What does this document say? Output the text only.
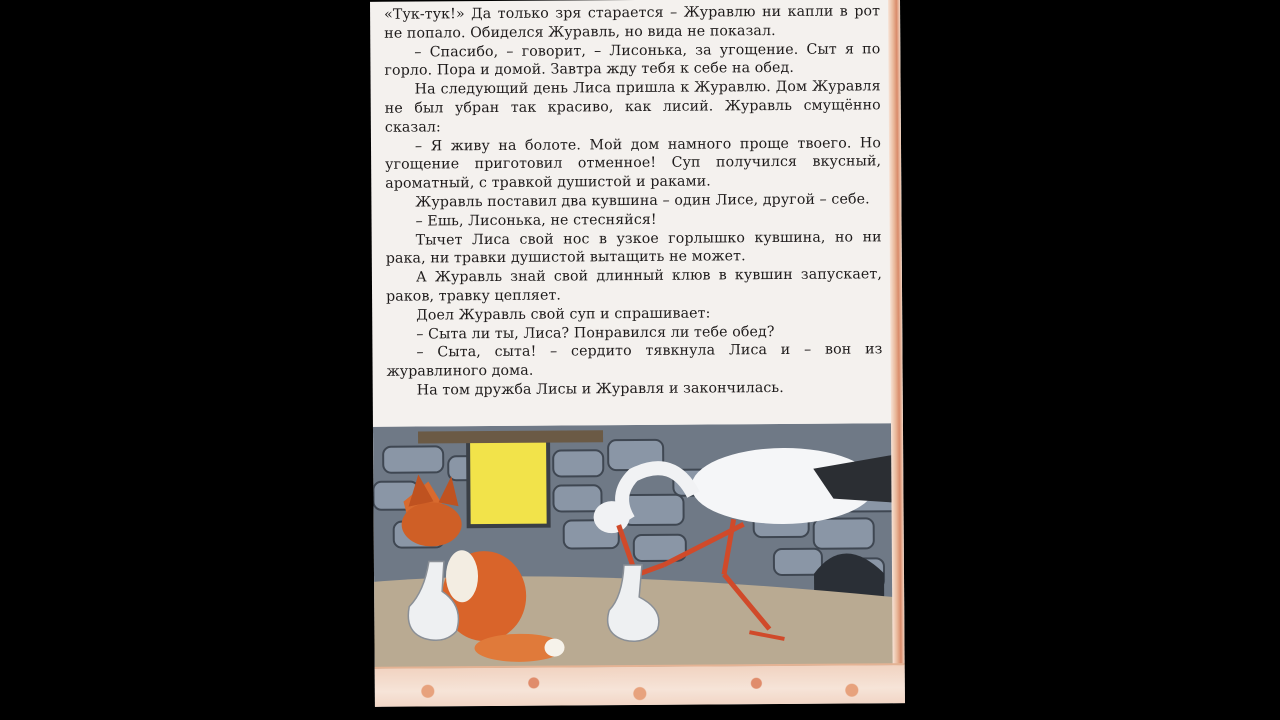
«Тук-тук!» Да только зря старается – Журавлю ни капли в рот не попало. Обиделся Журавль, но вида не показал.

– Спасибо, – говорит, – Лисонька, за угощение. Сыт я по горло. Пора и домой. Завтра жду тебя к себе на обед.

На следующий день Лиса пришла к Журавлю. Дом Журавля не был убран так красиво, как лисий. Журавль смущённо сказал:

– Я живу на болоте. Мой дом намного проще твоего. Но угощение приготовил отменное! Суп получился вкусный, ароматный, с травкой душистой и раками.

Журавль поставил два кувшина – один Лисе, другой – себе.

– Ешь, Лисонька, не стесняйся!

Тычет Лиса свой нос в узкое горлышко кувшина, но ни рака, ни травки душистой вытащить не может.

А Журавль знай свой длинный клюв в кувшин запускает, раков, травку цепляет.

Доел Журавль свой суп и спрашивает:

– Сыта ли ты, Лиса? Понравился ли тебе обед?

– Сыта, сыта! – сердито тявкнула Лиса и – вон из журавлиного дома.

На том дружба Лисы и Журавля и закончилась.
